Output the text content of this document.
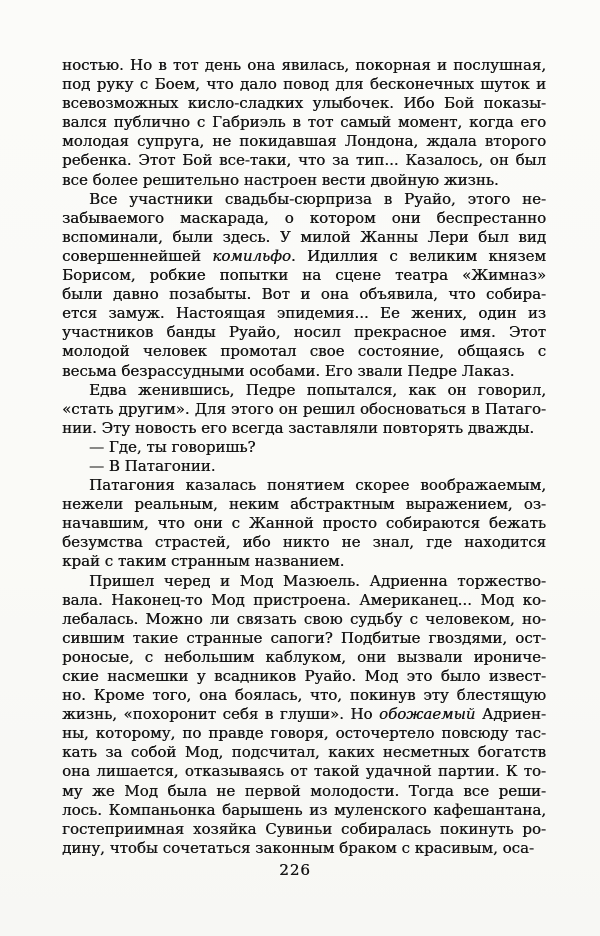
ностью. Но в тот день она явилась, покорная и послушная,
под руку с Боем, что дало повод для бесконечных шуток и
всевозможных кисло-сладких улыбочек. Ибо Бой показы-
вался публично с Габриэль в тот самый момент, когда его
молодая супруга, не покидавшая Лондона, ждала второго
ребенка. Этот Бой все-таки, что за тип... Казалось, он был
все более решительно настроен вести двойную жизнь.
Все участники свадьбы-сюрприза в Руайо, этого не-
забываемого маскарада, о котором они беспрестанно
вспоминали, были здесь. У милой Жанны Лери был вид
совершеннейшей комильфо. Идиллия с великим князем
Борисом, робкие попытки на сцене театра «Жимназ»
были давно позабыты. Вот и она объявила, что собира-
ется замуж. Настоящая эпидемия... Ее жених, один из
участников банды Руайо, носил прекрасное имя. Этот
молодой человек промотал свое состояние, общаясь с
весьма безрассудными особами. Его звали Педре Лаказ.
Едва женившись, Педре попытался, как он говорил,
«стать другим». Для этого он решил обосноваться в Патаго-
нии. Эту новость его всегда заставляли повторять дважды.
— Где, ты говоришь?
— В Патагонии.
Патагония казалась понятием скорее воображаемым,
нежели реальным, неким абстрактным выражением, оз-
начавшим, что они с Жанной просто собираются бежать
безумства страстей, ибо никто не знал, где находится
край с таким странным названием.
Пришел черед и Мод Мазюель. Адриенна торжество-
вала. Наконец-то Мод пристроена. Американец... Мод ко-
лебалась. Можно ли связать свою судьбу с человеком, но-
сившим такие странные сапоги? Подбитые гвоздями, ост-
роносые, с небольшим каблуком, они вызвали ирониче-
ские насмешки у всадников Руайо. Мод это было извест-
но. Кроме того, она боялась, что, покинув эту блестящую
жизнь, «похоронит себя в глуши». Но обожаемый Адриен-
ны, которому, по правде говоря, осточертело повсюду тас-
кать за собой Мод, подсчитал, каких несметных богатств
она лишается, отказываясь от такой удачной партии. К то-
му же Мод была не первой молодости. Тогда все реши-
лось. Компаньонка барышень из муленского кафешантана,
гостеприимная хозяйка Сувиньи собиралась покинуть ро-
дину, чтобы сочетаться законным браком с красивым, оса-
226
